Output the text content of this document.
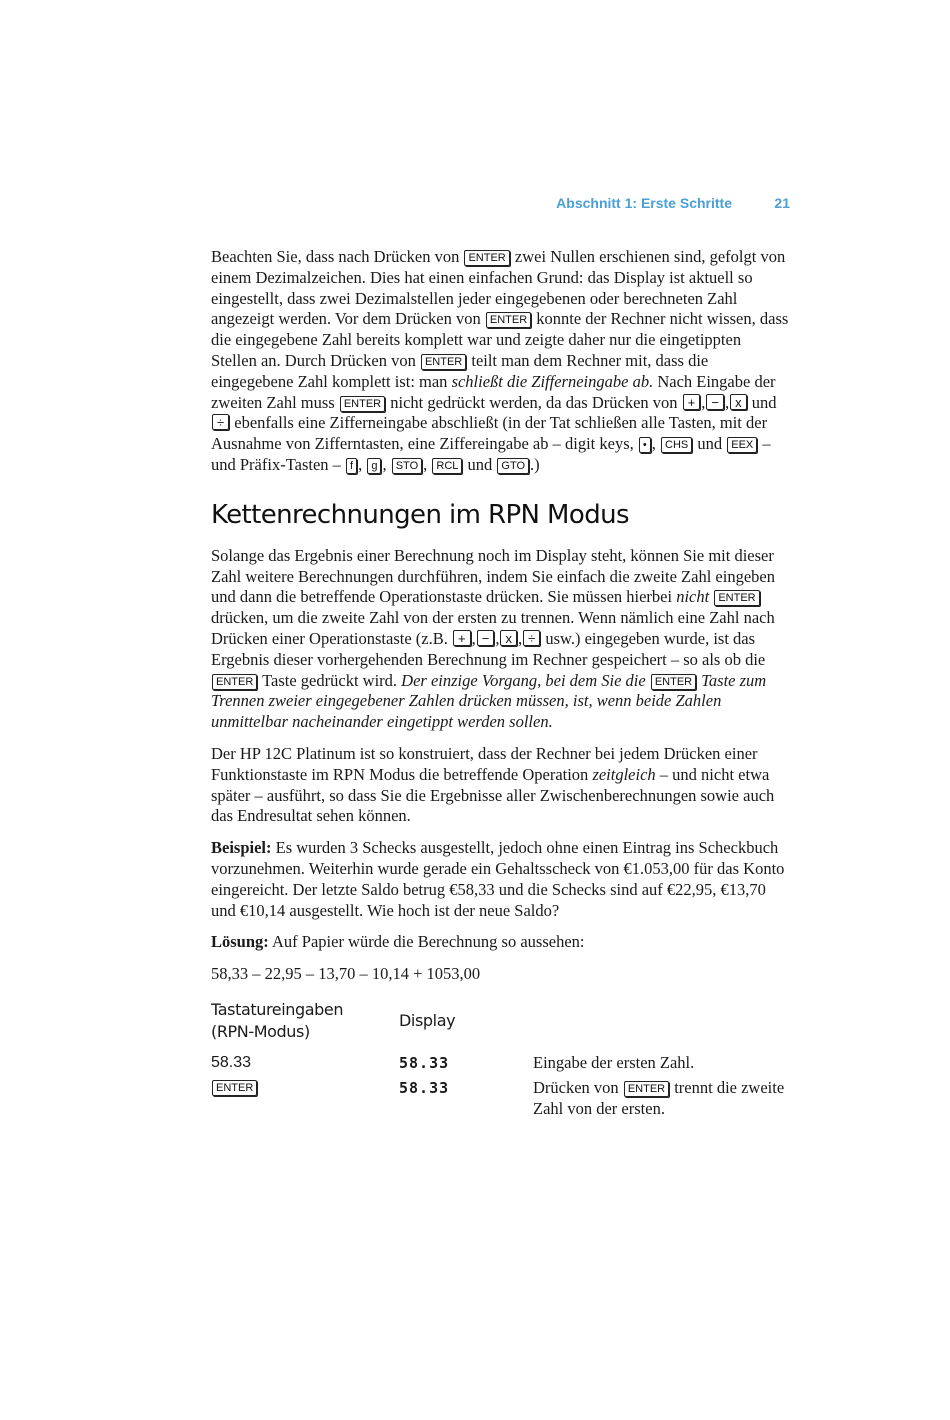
Abschnitt 1: Erste Schritte	21

Beachten Sie, dass nach Drücken von ENTER zwei Nullen erschienen sind, gefolgt von einem Dezimalzeichen. Dies hat einen einfachen Grund: das Display ist aktuell so eingestellt, dass zwei Dezimalstellen jeder eingegebenen oder berechneten Zahl angezeigt werden. Vor dem Drücken von ENTER konnte der Rechner nicht wissen, dass die eingegebene Zahl bereits komplett war und zeigte daher nur die eingetippten Stellen an. Durch Drücken von ENTER teilt man dem Rechner mit, dass die eingegebene Zahl komplett ist: man schließt die Zifferneingabe ab. Nach Eingabe der zweiten Zahl muss ENTER nicht gedrückt werden, da das Drücken von + , − , x und ÷ ebenfalls eine Zifferneingabe abschließt (in der Tat schließen alle Tasten, mit der Ausnahme von Zifferntasten, eine Ziffereingabe ab – digit keys, • , CHS und EEX – und Präfix-Tasten – f , g , STO , RCL und GTO .)

Kettenrechnungen im RPN Modus

Solange das Ergebnis einer Berechnung noch im Display steht, können Sie mit dieser Zahl weitere Berechnungen durchführen, indem Sie einfach die zweite Zahl eingeben und dann die betreffende Operationstaste drücken. Sie müssen hierbei nicht ENTER drücken, um die zweite Zahl von der ersten zu trennen. Wenn nämlich eine Zahl nach Drücken einer Operationstaste (z.B. + , − , x , ÷ usw.) eingegeben wurde, ist das Ergebnis dieser vorhergehenden Berechnung im Rechner gespeichert – so als ob die ENTER Taste gedrückt wird. Der einzige Vorgang, bei dem Sie die ENTER Taste zum Trennen zweier eingegebener Zahlen drücken müssen, ist, wenn beide Zahlen unmittelbar nacheinander eingetippt werden sollen.

Der HP 12C Platinum ist so konstruiert, dass der Rechner bei jedem Drücken einer Funktionstaste im RPN Modus die betreffende Operation zeitgleich – und nicht etwa später – ausführt, so dass Sie die Ergebnisse aller Zwischenberechnungen sowie auch das Endresultat sehen können.

Beispiel: Es wurden 3 Schecks ausgestellt, jedoch ohne einen Eintrag ins Scheckbuch vorzunehmen. Weiterhin wurde gerade ein Gehaltsscheck von €1.053,00 für das Konto eingereicht. Der letzte Saldo betrug €58,33 und die Schecks sind auf €22,95, €13,70 und €10,14 ausgestellt. Wie hoch ist der neue Saldo?

Lösung: Auf Papier würde die Berechnung so aussehen:

58,33 – 22,95 – 13,70 – 10,14 + 1053,00
Tastatureingaben
(RPN-Modus)	Display	
58.33	58.33	Eingabe der ersten Zahl.
ENTER	58.33	Drücken von ENTER trennt die zweite Zahl von der ersten.
